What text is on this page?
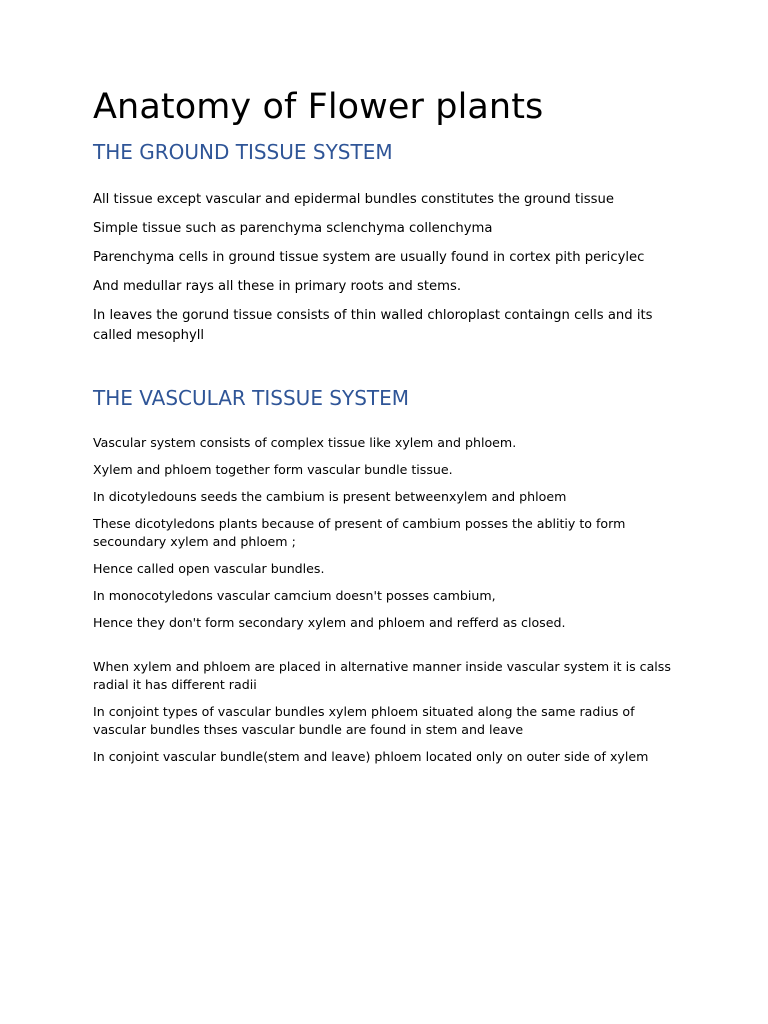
Anatomy of Flower plants
THE GROUND TISSUE SYSTEM

All tissue except vascular and epidermal bundles constitutes the ground tissue

Simple tissue such as parenchyma sclenchyma collenchyma

Parenchyma cells in ground tissue system are usually found in cortex pith pericylec

And medullar rays all these in primary roots and stems.

In leaves the gorund tissue consists of thin walled chloroplast containgn cells and its called mesophyll

THE VASCULAR TISSUE SYSTEM

Vascular system consists of complex tissue like xylem and phloem.

Xylem and phloem together form vascular bundle tissue.

In dicotyledouns seeds the cambium is present betweenxylem and phloem

These dicotyledons plants because of present of cambium posses the ablitiy to form secoundary xylem and phloem ;

Hence called open vascular bundles.

In monocotyledons vascular camcium doesn't posses cambium,

Hence they don't form secondary xylem and phloem and refferd as closed.

When xylem and phloem are placed in alternative manner inside vascular system it is calss radial it has different radii

In conjoint types of vascular bundles xylem phloem situated along the same radius of vascular bundles thses vascular bundle are found in stem and leave

In conjoint vascular bundle(stem and leave) phloem located only on outer side of xylem
